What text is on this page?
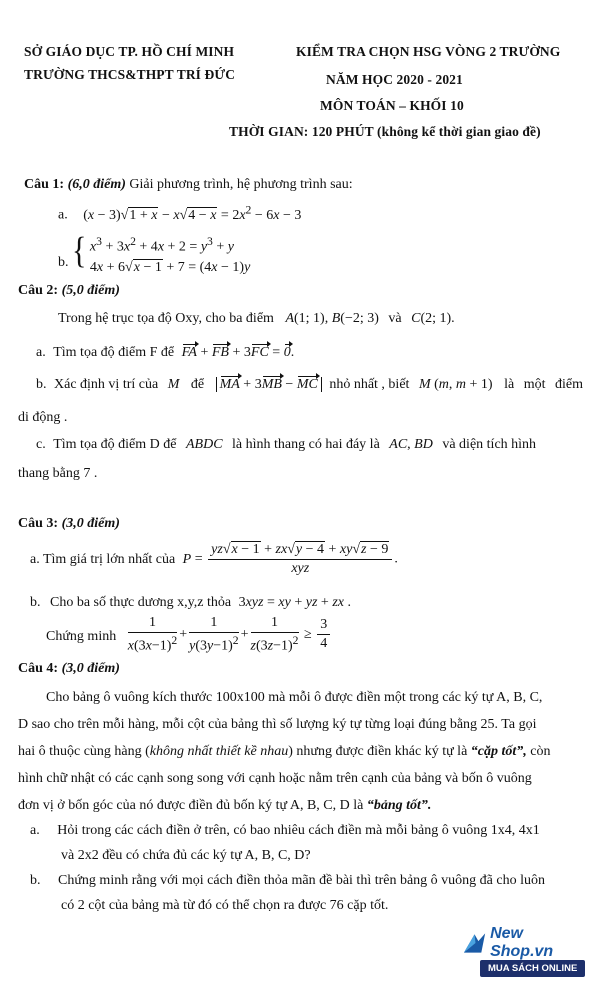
SỞ GIÁO DỤC TP. HỒ CHÍ MINH
TRƯỜNG THCS&THPT TRÍ ĐỨC
KIỂM TRA CHỌN HSG VÒNG 2 TRƯỜNG
NĂM HỌC 2020 - 2021
MÔN TOÁN – KHỐI 10
THỜI GIAN: 120 PHÚT (không kể thời gian giao đề)
Câu 1: (6,0 điểm) Giải phương trình, hệ phương trình sau:
a. $(x - 3)√1 + x - x√4 - x = 2x^2 - 6x - 3$
b. { $x^3 + 3x^2 + 4x + 2 = y^3 + y$
4x + 6√x − 1 + 7 = (4x − 1)y
Câu 2: (5,0 điểm)
Trong hệ trục tọa độ Oxy, cho ba điểm A(1; 1), B(−2; 3) và C(2; 1).
a. Tìm tọa độ điểm F để FA + FB + 3FC = 0.
b. Xác định vị trí của M để MA + 3MB − MC nhỏ nhất , biết M (m, m + 1) là một điểm
di động .
c. Tìm tọa độ điểm D để ABDC là hình thang có hai đáy là AC, BD và diện tích hình
thang bằng 7 .
Câu 3: (3,0 điểm)
a. Tìm giá trị lớn nhất của $P = \frac{yz√x - 1 + zx√y - 4 + xy√z - 9}{\text{xyz}}$ .
b. Cho ba số thực dương x,y,z thỏa 3xyz = xy + yz + zx .
Chứng minh $\frac{1}{x(3x-1)^2} + \frac{1}{y(3y-1)^2} + \frac{1}{z(3z-1)^2} \ge \frac{3}{4}$
Câu 4: (3,0 điểm)
Cho bảng ô vuông kích thước 100x100 mà mỗi ô được điền một trong các ký tự A, B, C,
D sao cho trên mỗi hàng, mỗi cột của bảng thì số lượng ký tự từng loại đúng bằng 25. Ta gọi
hai ô thuộc cùng hàng (không nhất thiết kề nhau) nhưng được điền khác ký tự là “cặp tốt”, còn
hình chữ nhật có các cạnh song song với cạnh hoặc nằm trên cạnh của bảng và bốn ô vuông
đơn vị ở bốn góc của nó được điền đủ bốn ký tự A, B, C, D là “bảng tốt”.
a. Hỏi trong các cách điền ở trên, có bao nhiêu cách điền mà mỗi bảng ô vuông 1x4, 4x1
và 2x2 đều có chứa đủ các ký tự A, B, C, D?
b. Chứng minh rằng với mọi cách điền thỏa mãn đề bài thì trên bảng ô vuông đã cho luôn
có 2 cột của bảng mà từ đó có thể chọn ra được 76 cặp tốt.
New Shop.vn
MUA SÁCH ONLINE
